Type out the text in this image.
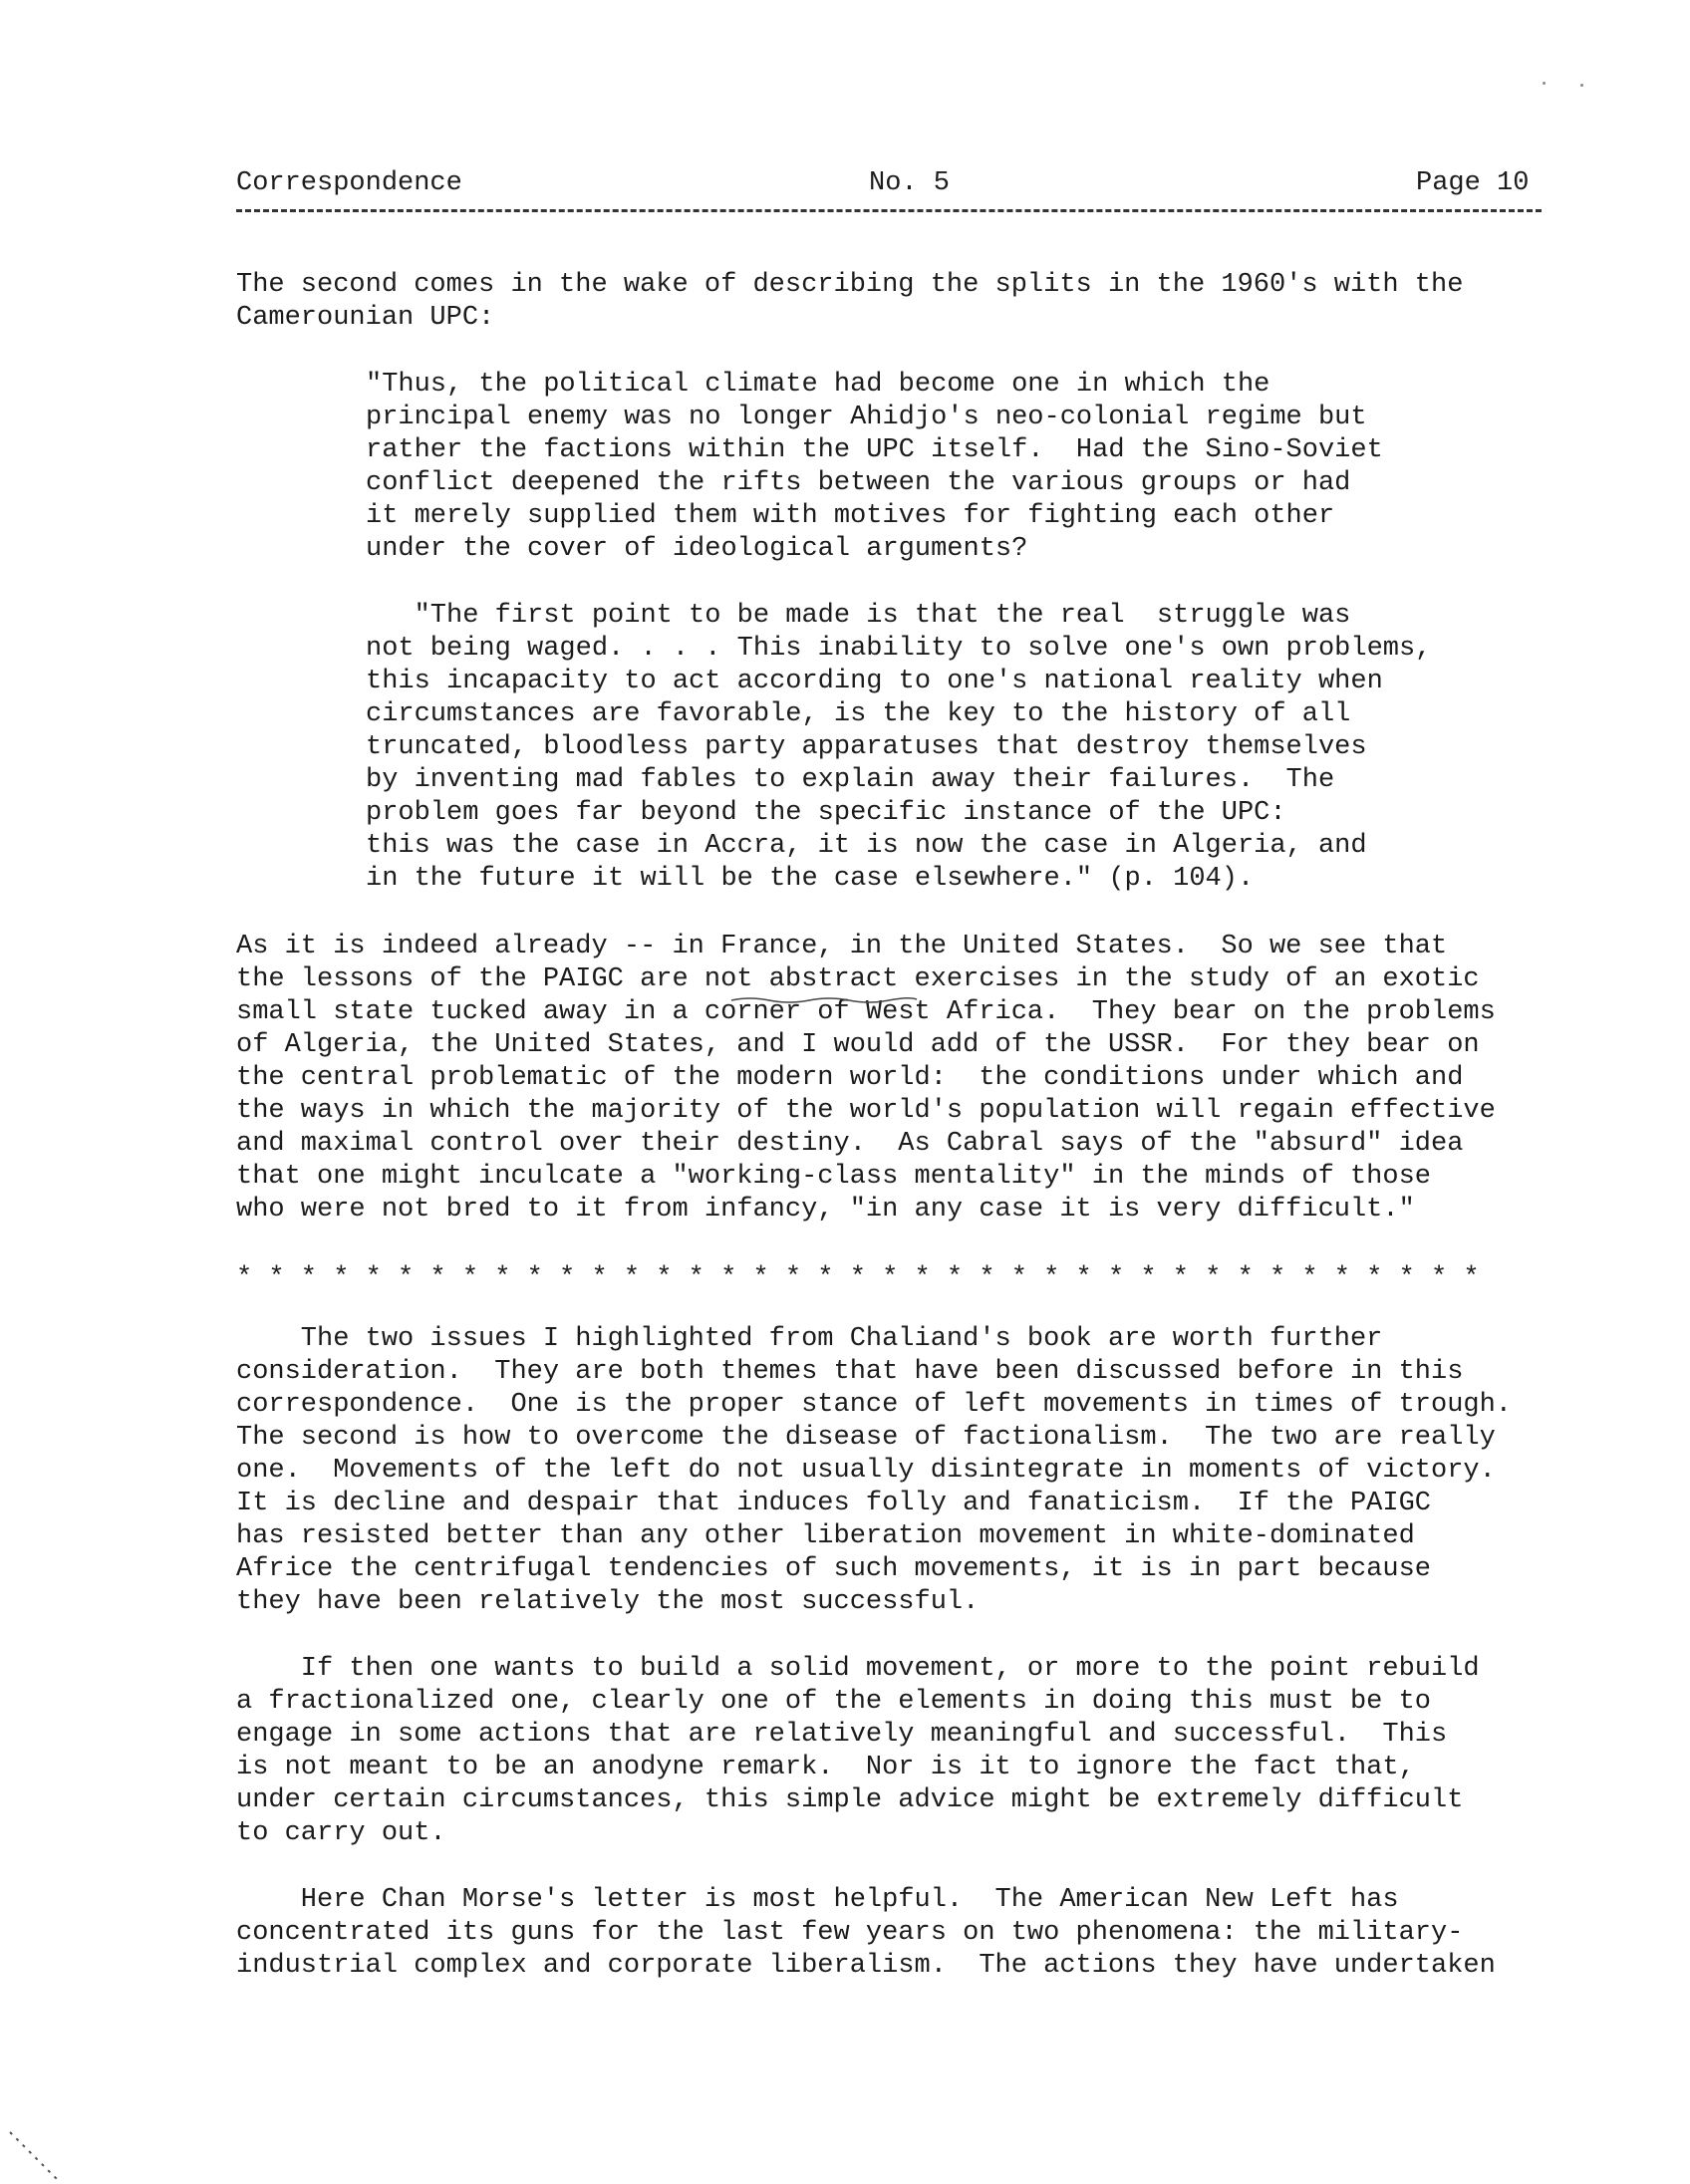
Correspondence	No. 5	Page 10
The second comes in the wake of describing the splits in the 1960's with the
Camerounian UPC:
"Thus, the political climate had become one in which the
principal enemy was no longer Ahidjo's neo-colonial regime but
rather the factions within the UPC itself.  Had the Sino-Soviet
conflict deepened the rifts between the various groups or had
it merely supplied them with motives for fighting each other
under the cover of ideological arguments?
"The first point to be made is that the real  struggle was
not being waged. . . . This inability to solve one's own problems,
this incapacity to act according to one's national reality when
circumstances are favorable, is the key to the history of all
truncated, bloodless party apparatuses that destroy themselves
by inventing mad fables to explain away their failures.  The
problem goes far beyond the specific instance of the UPC:
this was the case in Accra, it is now the case in Algeria, and
in the future it will be the case elsewhere." (p. 104).
As it is indeed already -- in France, in the United States.  So we see that
the lessons of the PAIGC are not abstract exercises in the study of an exotic
small state tucked away in a corner of West Africa.  They bear on the problems
of Algeria, the United States, and I would add of the USSR.  For they bear on
the central problematic of the modern world:  the conditions under which and
the ways in which the majority of the world's population will regain effective
and maximal control over their destiny.  As Cabral says of the "absurd" idea
that one might inculcate a "working-class mentality" in the minds of those
who were not bred to it from infancy, "in any case it is very difficult."
* * * * * * * * * * * * * * * * * * * * * * * * * * * * * * * * * * * * * * *
The two issues I highlighted from Chaliand's book are worth further
consideration.  They are both themes that have been discussed before in this
correspondence.  One is the proper stance of left movements in times of trough.
The second is how to overcome the disease of factionalism.  The two are really
one.  Movements of the left do not usually disintegrate in moments of victory.
It is decline and despair that induces folly and fanaticism.  If the PAIGC
has resisted better than any other liberation movement in white-dominated
Africe the centrifugal tendencies of such movements, it is in part because
they have been relatively the most successful.
If then one wants to build a solid movement, or more to the point rebuild
a fractionalized one, clearly one of the elements in doing this must be to
engage in some actions that are relatively meaningful and successful.  This
is not meant to be an anodyne remark.  Nor is it to ignore the fact that,
under certain circumstances, this simple advice might be extremely difficult
to carry out.
Here Chan Morse's letter is most helpful.  The American New Left has
concentrated its guns for the last few years on two phenomena: the military-
industrial complex and corporate liberalism.  The actions they have undertaken
